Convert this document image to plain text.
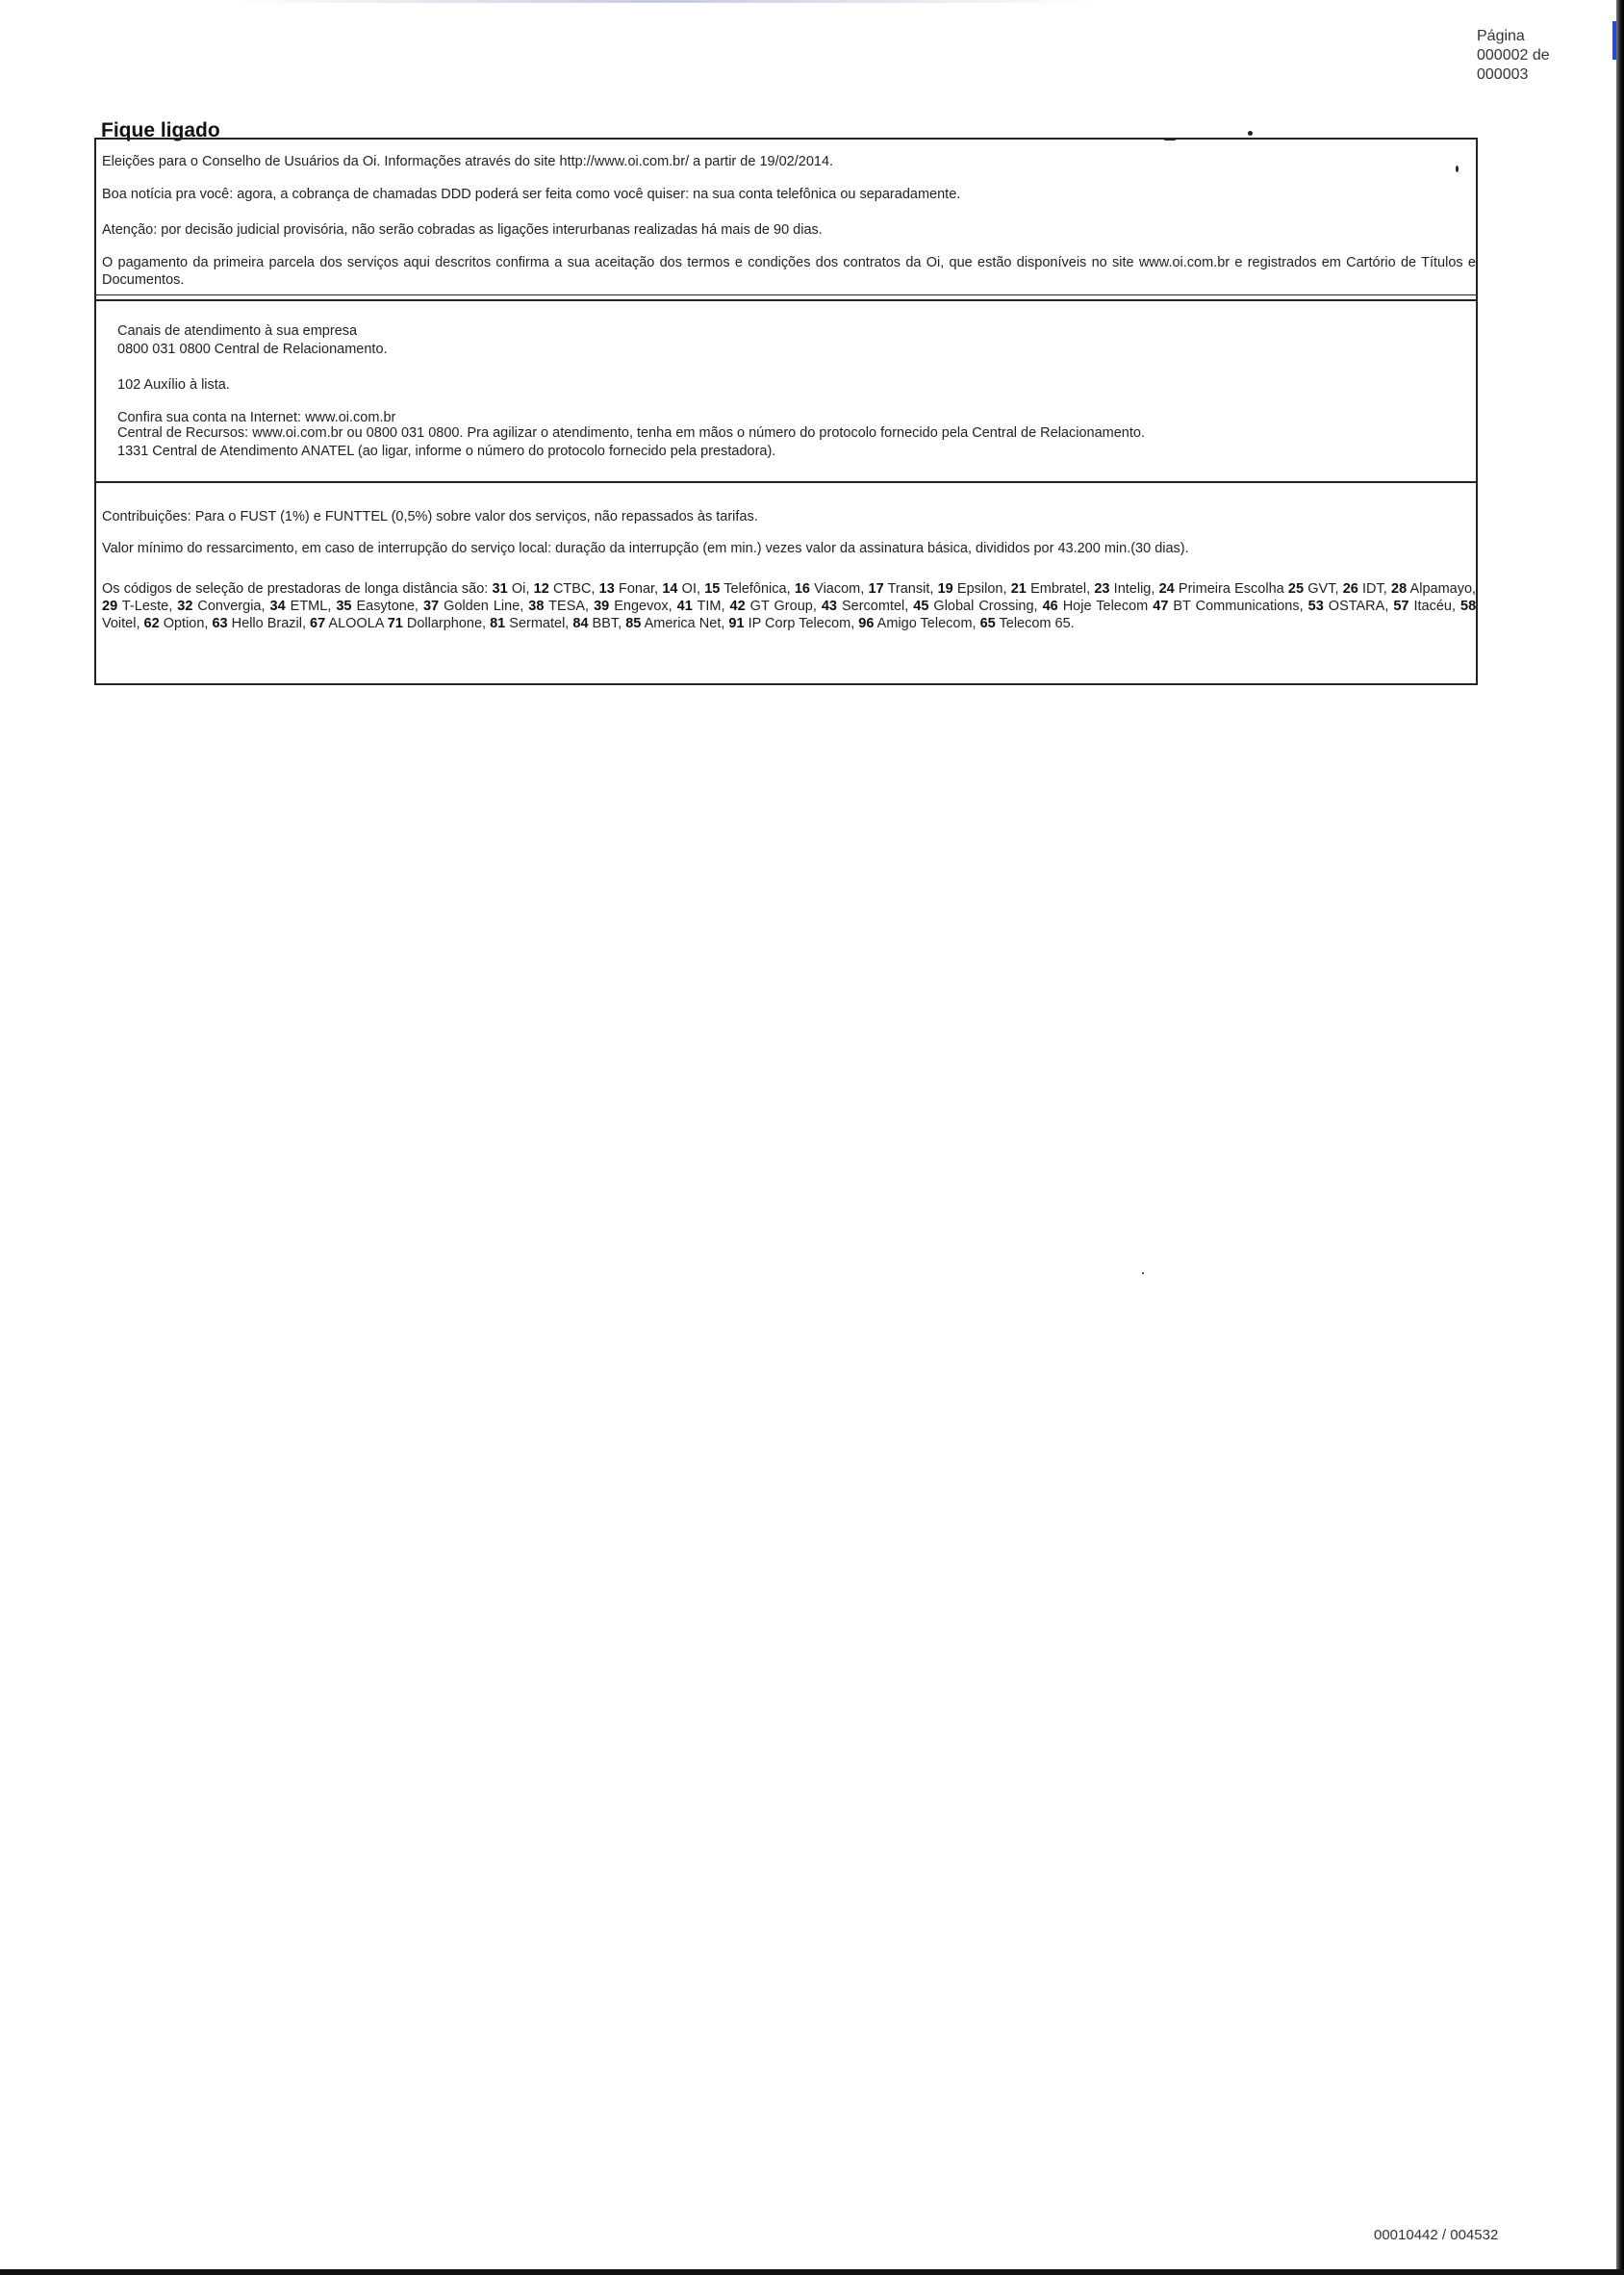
Página
000002 de
000003
Fique ligado
Eleições para o Conselho de Usuários da Oi. Informações através do site http://www.oi.com.br/ a partir de 19/02/2014.
Boa notícia pra você: agora, a cobrança de chamadas DDD poderá ser feita como você quiser: na sua conta telefônica ou separadamente.
Atenção: por decisão judicial provisória, não serão cobradas as ligações interurbanas realizadas há mais de 90 dias.
O pagamento da primeira parcela dos serviços aqui descritos confirma a sua aceitação dos termos e condições dos contratos da Oi, que estão disponíveis no site www.oi.com.br e registrados em Cartório de Títulos e Documentos.
Canais de atendimento à sua empresa
0800 031 0800 Central de Relacionamento.
102 Auxílio à lista.
Confira sua conta na Internet: www.oi.com.br
Central de Recursos: www.oi.com.br ou 0800 031 0800. Pra agilizar o atendimento, tenha em mãos o número do protocolo fornecido pela Central de Relacionamento.
1331 Central de Atendimento ANATEL (ao ligar, informe o número do protocolo fornecido pela prestadora).
Contribuições: Para o FUST (1%) e FUNTTEL (0,5%) sobre valor dos serviços, não repassados às tarifas.
Valor mínimo do ressarcimento, em caso de interrupção do serviço local: duração da interrupção (em min.) vezes valor da assinatura básica, divididos por 43.200 min.(30 dias).
Os códigos de seleção de prestadoras de longa distância são: 31 Oi, 12 CTBC, 13 Fonar, 14 OI, 15 Telefônica, 16 Viacom, 17 Transit, 19 Epsilon, 21 Embratel, 23 Intelig, 24 Primeira Escolha 25 GVT, 26 IDT, 28 Alpamayo, 29 T-Leste, 32 Convergia, 34 ETML, 35 Easytone, 37 Golden Line, 38 TESA, 39 Engevox, 41 TIM, 42 GT Group, 43 Sercomtel, 45 Global Crossing, 46 Hoje Telecom 47 BT Communications, 53 OSTARA, 57 Itacéu, 58 Voitel, 62 Option, 63 Hello Brazil, 67 ALOOLA 71 Dollarphone, 81 Sermatel, 84 BBT, 85 America Net, 91 IP Corp Telecom, 96 Amigo Telecom, 65 Telecom 65.
00010442 / 004532
